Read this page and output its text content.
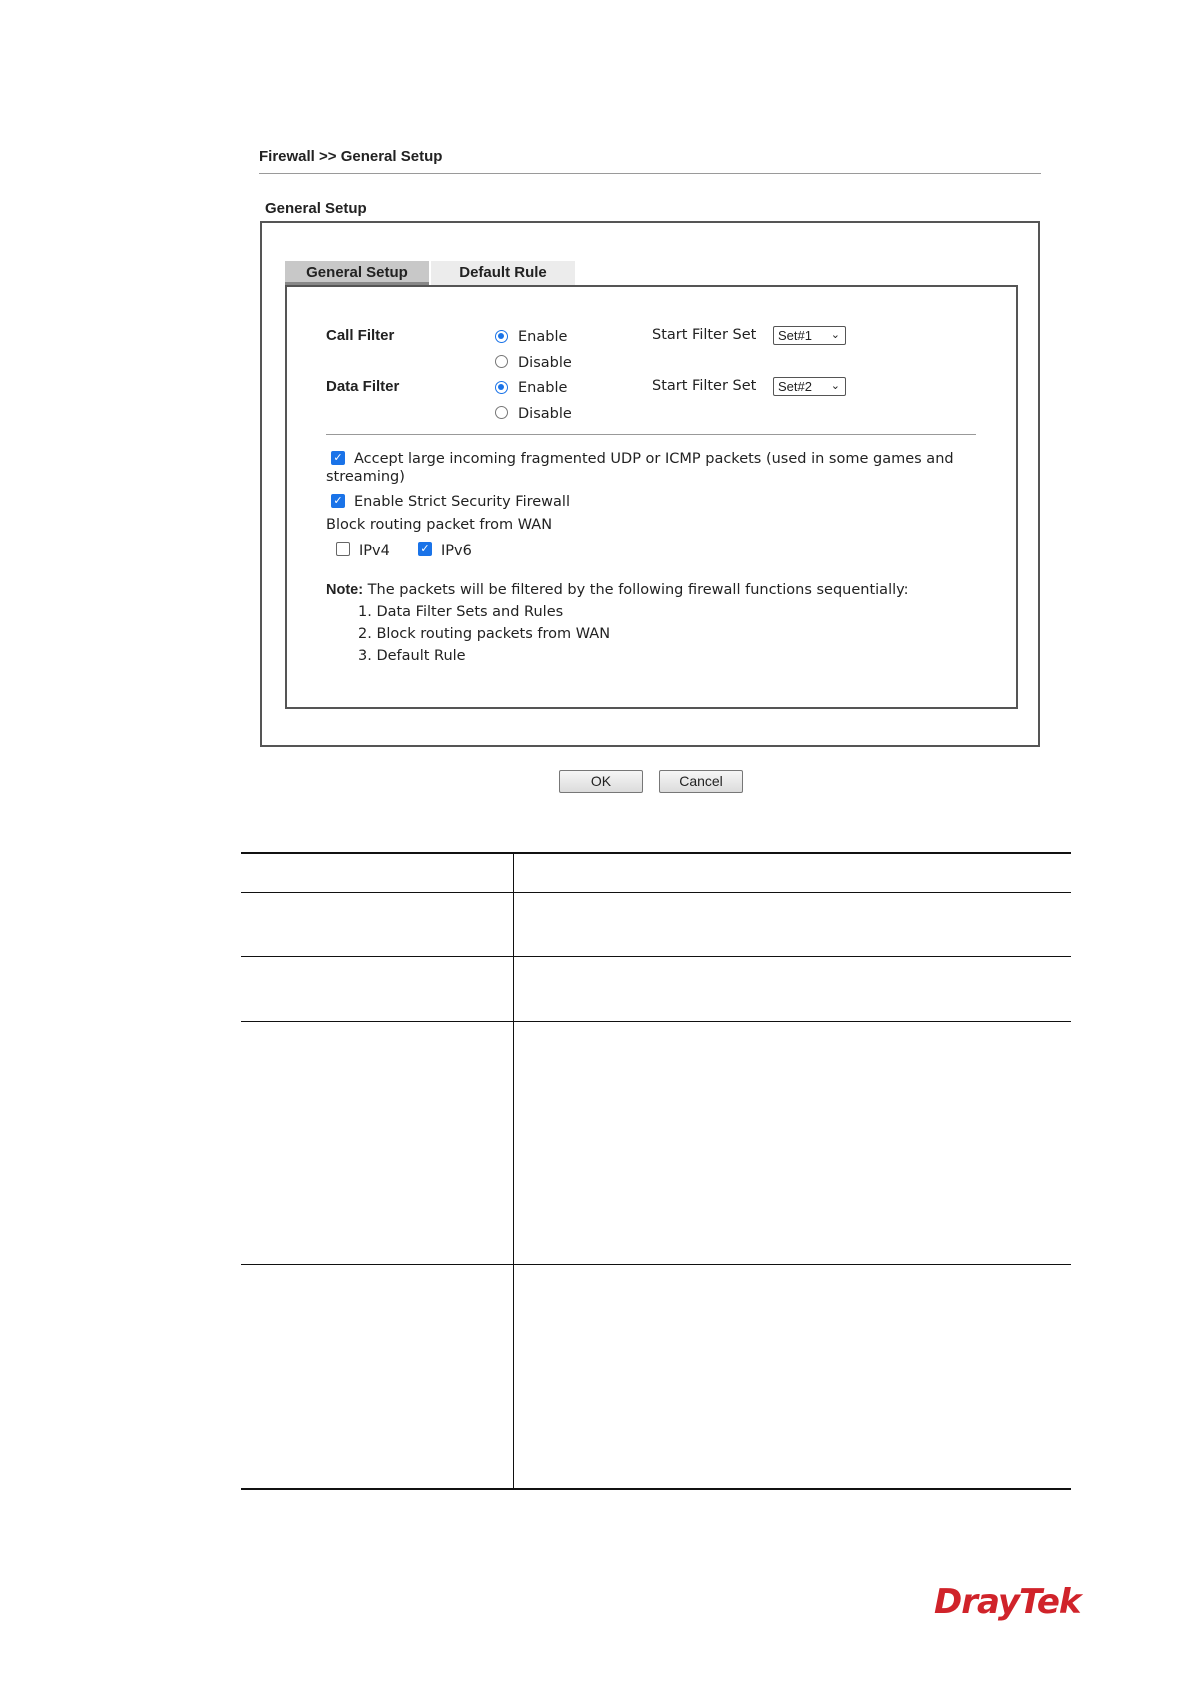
Firewall >> General Setup
General Setup
General Setup	Default Rule
Call Filter	Enable
Disable
Start Filter Set	Set#1 ⌄
Data Filter	Enable
Disable
Start Filter Set	Set#2 ⌄
✓ Accept large incoming fragmented UDP or ICMP packets (used in some games and
streaming)
✓ Enable Strict Security Firewall
Block routing packet from WAN
IPv4	✓ IPv6
Note: The packets will be filtered by the following firewall functions sequentially:
1. Data Filter Sets and Rules
2. Block routing packets from WAN
3. Default Rule
OK	Cancel
DrayTek
